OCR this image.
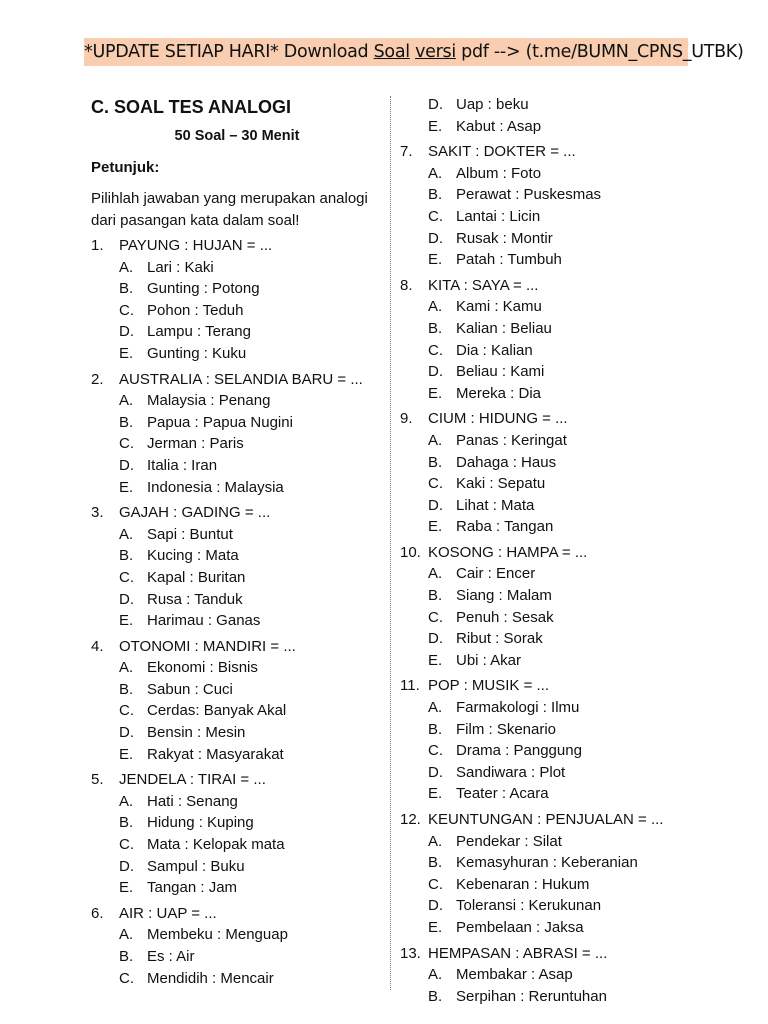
*UPDATE SETIAP HARI* Download Soal versi pdf --> (t.me/BUMN_CPNS_UTBK)
C. SOAL TES ANALOGI
50 Soal – 30 Menit
Petunjuk:
Pilihlah jawaban yang merupakan analogi dari pasangan kata dalam soal!
1.	PAYUNG : HUJAN = ...
A. Lari : Kaki
B. Gunting : Potong
C. Pohon : Teduh
D. Lampu : Terang
E. Gunting : Kuku
2.	AUSTRALIA : SELANDIA BARU = ...
A. Malaysia : Penang
B. Papua : Papua Nugini
C. Jerman : Paris
D. Italia : Iran
E. Indonesia : Malaysia
3.	GAJAH : GADING = ...
A. Sapi : Buntut
B. Kucing : Mata
C. Kapal : Buritan
D. Rusa : Tanduk
E. Harimau : Ganas
4.	OTONOMI : MANDIRI = ...
A. Ekonomi : Bisnis
B. Sabun : Cuci
C. Cerdas: Banyak Akal
D. Bensin : Mesin
E. Rakyat : Masyarakat
5.	JENDELA : TIRAI = ...
A. Hati : Senang
B. Hidung : Kuping
C. Mata : Kelopak mata
D. Sampul : Buku
E. Tangan : Jam
6.	AIR : UAP = ...
A. Membeku : Menguap
B. Es : Air
C. Mendidih : Mencair
D. Uap : beku
E. Kabut : Asap
7.	SAKIT : DOKTER = ...
A. Album : Foto
B. Perawat : Puskesmas
C. Lantai : Licin
D. Rusak : Montir
E. Patah : Tumbuh
8.	KITA : SAYA = ...
A. Kami : Kamu
B. Kalian : Beliau
C. Dia : Kalian
D. Beliau : Kami
E. Mereka : Dia
9.	CIUM : HIDUNG = ...
A. Panas : Keringat
B. Dahaga : Haus
C. Kaki : Sepatu
D. Lihat : Mata
E. Raba : Tangan
10. KOSONG : HAMPA = ...
A. Cair : Encer
B. Siang : Malam
C. Penuh : Sesak
D. Ribut : Sorak
E. Ubi : Akar
11. POP : MUSIK = ...
A. Farmakologi : Ilmu
B. Film : Skenario
C. Drama : Panggung
D. Sandiwara : Plot
E. Teater : Acara
12. KEUNTUNGAN : PENJUALAN = ...
A. Pendekar : Silat
B. Kemasyhuran : Keberanian
C. Kebenaran : Hukum
D. Toleransi : Kerukunan
E. Pembelaan : Jaksa
13. HEMPASAN : ABRASI = ...
A. Membakar : Asap
B. Serpihan : Reruntuhan
